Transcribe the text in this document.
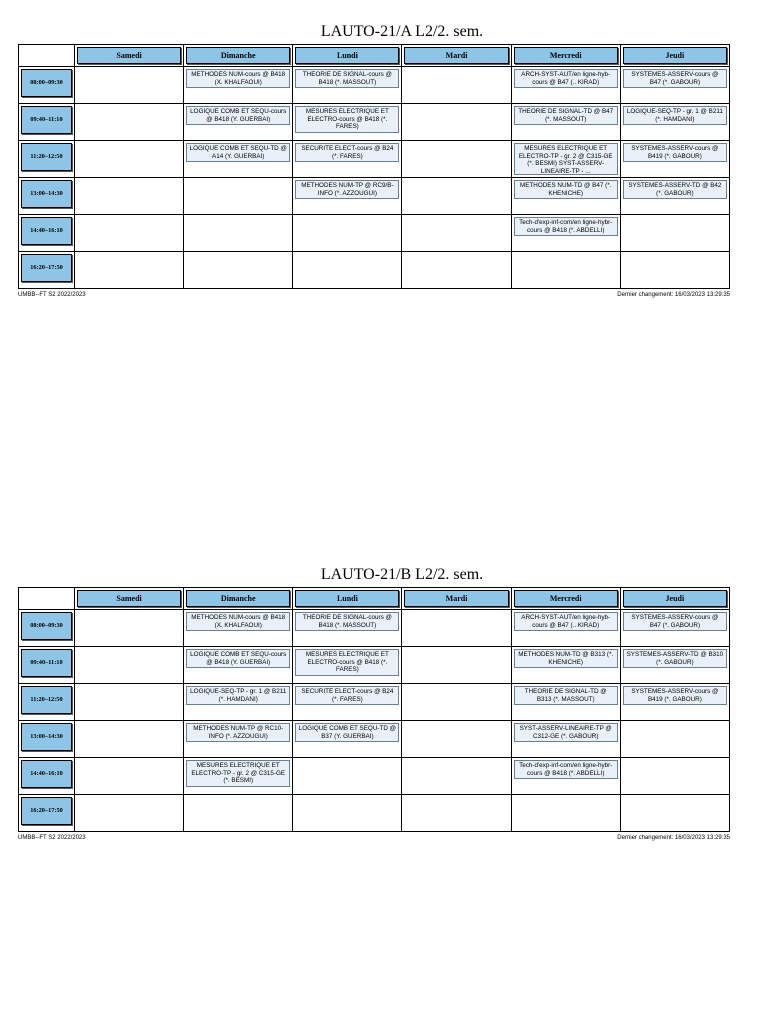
LAUTO-21/A L2/2. sem.

	Samedi	Dimanche	Lundi	Mardi	Mercredi	Jeudi

08:00–09:30		METHODES NUM-cours @ B418 (X. KHALFAOUI)	THEORIE DE SIGNAL-cours @ B418 (*. MASSOUT)		ARCH-SYST-AUT/en ligne-hyb-cours @ B47 (.. KIRAD)	SYSTEMES-ASSERV-cours @ B47 (*. GABOUR)

09:40–11:10		LOGIQUE COMB ET SEQU-cours @ B418 (Y. GUERBAI)	MESURES ELECTRIQUE ET ELECTRO-cours @ B418 (*. FARES)		THEORIE DE SIGNAL-TD @ B47 (*. MASSOUT)	LOGIQUE-SEQ-TP - gr. 1 @ B211 (*. HAMDANI)

11:20–12:50		LOGIQUE COMB ET SEQU-TD @ A14 (Y. GUERBAI)	SECURITE ELECT-cours @ B24 (*. FARES)		MESURES ELECTRIQUE ET ELECTRO-TP - gr. 2 @ C315-GE (*. BESMI) SYST-ASSERV-LINEAIRE-TP - ...	SYSTEMES-ASSERV-cours @ B419 (*. GABOUR)

13:00–14:30			METHODES NUM-TP @ RC9/B-INFO (*. AZZOUGUI)		METHODES NUM-TD @ B47 (*. KHENICHE)	SYSTEMES-ASSERV-TD @ B42 (*. GABOUR)

14:40–16:10					Tech-d'exp-inf-com/en ligne-hybr-cours @ B418 (*. ABDELLI)	

16:20–17:50						

UMBB--FT S2 2022/2023	Dernier changement: 16/03/2023 13:29:35
LAUTO-21/B L2/2. sem.

	Samedi	Dimanche	Lundi	Mardi	Mercredi	Jeudi

08:00–09:30		METHODES NUM-cours @ B418 (X. KHALFAOUI)	THEORIE DE SIGNAL-cours @ B418 (*. MASSOUT)		ARCH-SYST-AUT/en ligne-hyb-cours @ B47 (.. KIRAD)	SYSTEMES-ASSERV-cours @ B47 (*. GABOUR)

09:40–11:10		LOGIQUE COMB ET SEQU-cours @ B418 (Y. GUERBAI)	MESURES ELECTRIQUE ET ELECTRO-cours @ B418 (*. FARES)		METHODES NUM-TD @ B313 (*. KHENICHE)	SYSTEMES-ASSERV-TD @ B310 (*. GABOUR)

11:20–12:50		LOGIQUE-SEQ-TP - gr. 1 @ B211 (*. HAMDANI)	SECURITE ELECT-cours @ B24 (*. FARES)		THEORIE DE SIGNAL-TD @ B313 (*. MASSOUT)	SYSTEMES-ASSERV-cours @ B419 (*. GABOUR)

13:00–14:30		METHODES NUM-TP @ RC10-INFO (*. AZZOUGUI)	LOGIQUE COMB ET SEQU-TD @ B37 (Y. GUERBAI)		SYST-ASSERV-LINEAIRE-TP @ C312-GE (*. GABOUR)	

14:40–16:10		MESURES ELECTRIQUE ET ELECTRO-TP - gr. 2 @ C315-GE (*. BESMI)			Tech-d'exp-inf-com/en ligne-hybr-cours @ B418 (*. ABDELLI)	

16:20–17:50						

UMBB--FT S2 2022/2023	Dernier changement: 16/03/2023 13:29:35
